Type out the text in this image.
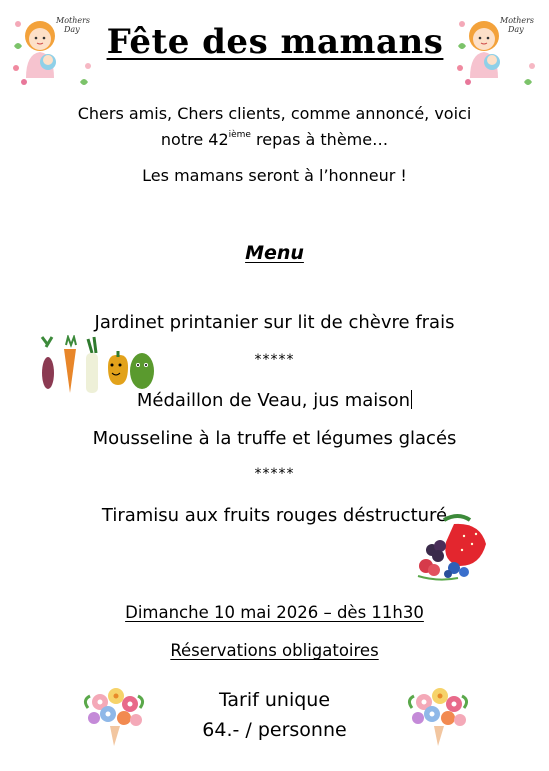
Mothers
Day
Mothers
Day
Fête des mamans
Chers amis, Chers clients, comme annoncé, voici
notre 42ième repas à thème…
Les mamans seront à l’honneur !
Menu
Jardinet printanier sur lit de chèvre frais
*****
Médaillon de Veau, jus maison
Mousseline à la truffe et légumes glacés
*****
Tiramisu aux fruits rouges déstructuré
Dimanche 10 mai 2026 – dès 11h30
Réservations obligatoires
Tarif unique
64.- / personne
